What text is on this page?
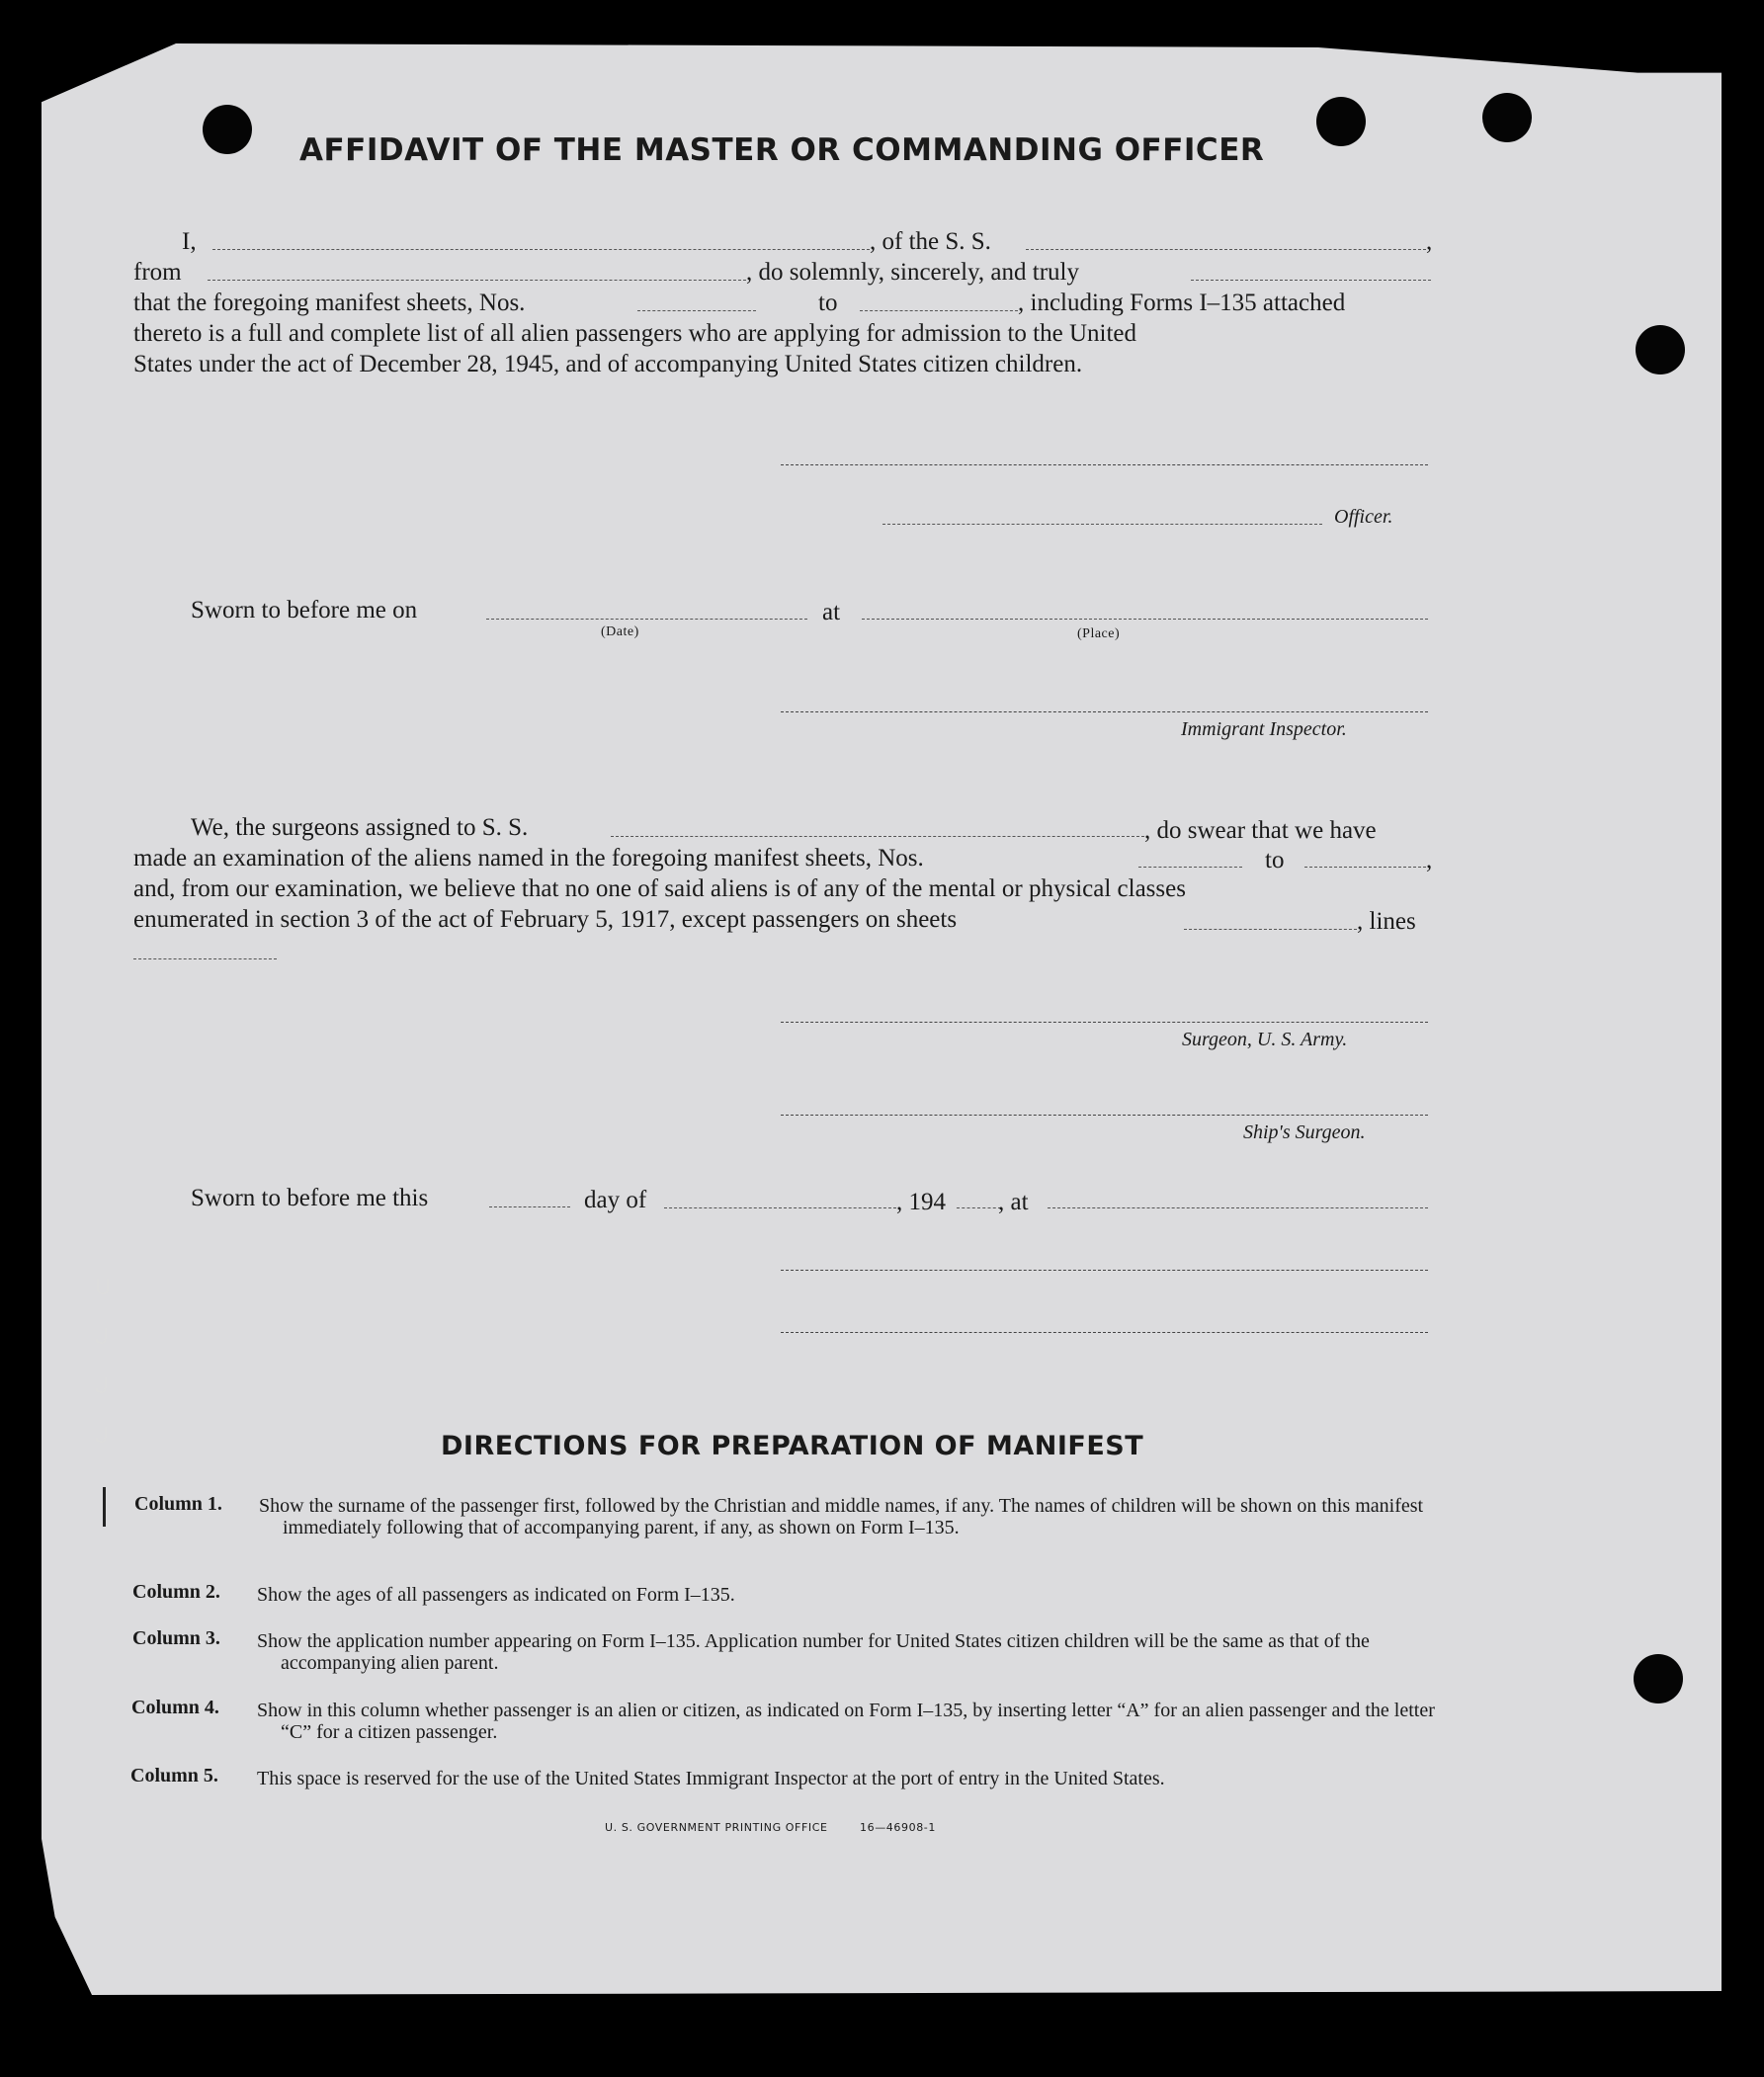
AFFIDAVIT OF THE MASTER OR COMMANDING OFFICER
I,	, of the S. S.	,
from	, do solemnly, sincerely, and truly
that the foregoing manifest sheets, Nos.	to	, including Forms I–135 attached
thereto is a full and complete list of all alien passengers who are applying for admission to the United
States under the act of December 28, 1945, and of accompanying United States citizen children.
Officer.
Sworn to before me on	at
(Date)	(Place)
Immigrant Inspector.
We, the surgeons assigned to S. S.	, do swear that we have
made an examination of the aliens named in the foregoing manifest sheets, Nos.	to	,
and, from our examination, we believe that no one of said aliens is of any of the mental or physical classes
enumerated in section 3 of the act of February 5, 1917, except passengers on sheets	, lines
Surgeon, U. S. Army.
Ship's Surgeon.
Sworn to before me this	day of	, 194 , at
DIRECTIONS FOR PREPARATION OF MANIFEST
Column 1. Show the surname of the passenger first, followed by the Christian and middle names, if any. The names of children will be shown on this manifest immediately following that of accompanying parent, if any, as shown on Form I–135.
Column 2. Show the ages of all passengers as indicated on Form I–135.
Column 3. Show the application number appearing on Form I–135. Application number for United States citizen children will be the same as that of the accompanying alien parent.
Column 4. Show in this column whether passenger is an alien or citizen, as indicated on Form I–135, by inserting letter “A” for an alien passenger and the letter “C” for a citizen passenger.
Column 5. This space is reserved for the use of the United States Immigrant Inspector at the port of entry in the United States.
U. S. GOVERNMENT PRINTING OFFICE	16—46908-1
ᑌ
ᒍ
ᒍ
ᒍ
